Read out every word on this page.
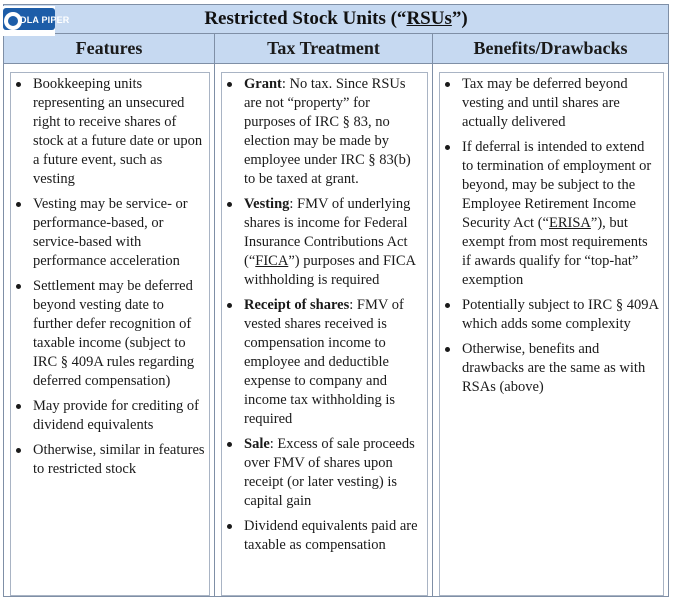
Restricted Stock Units (“ RSUs ”)
DLA PIPER
Features	Tax Treatment	Benefits/Drawbacks
Bookkeeping units representing an unsecured right to receive shares of stock at a future date or upon a future event, such as vesting
Vesting may be service- or performance-based, or service-based with performance acceleration
Settlement may be deferred beyond vesting date to further defer recognition of taxable income (subject to IRC § 409A rules regarding deferred compensation)
May provide for crediting of dividend equivalents
Otherwise, similar in features to restricted stock
Grant: No tax. Since RSUs are not “property” for purposes of IRC § 83, no election may be made by employee under IRC § 83(b) to be taxed at grant.
Vesting: FMV of underlying shares is income for Federal Insurance Contributions Act (“FICA”) purposes and FICA withholding is required
Receipt of shares: FMV of vested shares received is compensation income to employee and deductible expense to company and income tax withholding is required
Sale: Excess of sale proceeds over FMV of shares upon receipt (or later vesting) is capital gain
Dividend equivalents paid are taxable as compensation
Tax may be deferred beyond vesting and until shares are actually delivered
If deferral is intended to extend to termination of employment or beyond, may be subject to the Employee Retirement Income Security Act (“ERISA”), but exempt from most requirements if awards qualify for “top-hat” exemption
Potentially subject to IRC § 409A which adds some complexity
Otherwise, benefits and drawbacks are the same as with RSAs (above)
